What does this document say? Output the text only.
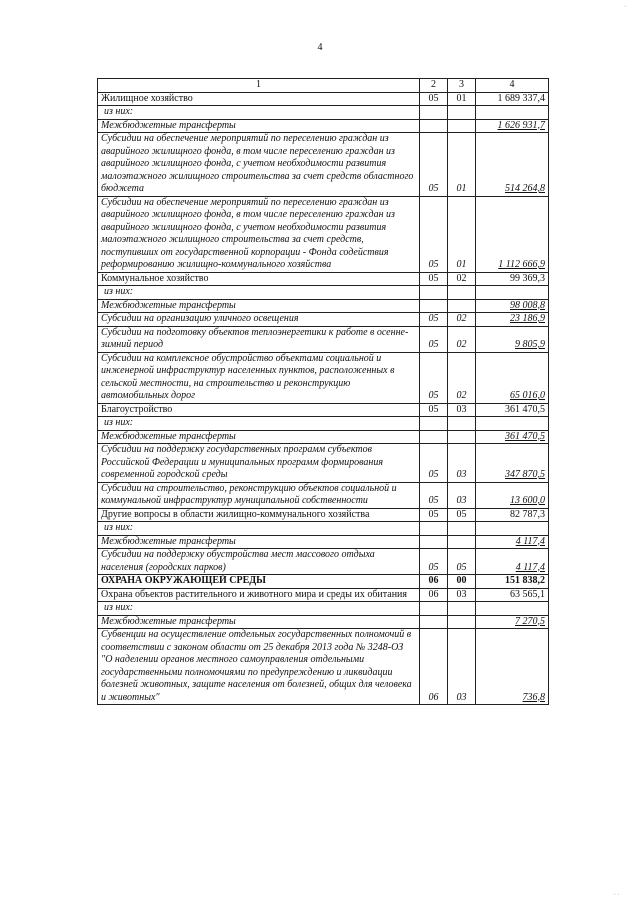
4
·
· ·
1	2	3	4
Жилищное хозяйство	05	01	1 689 337,4
из них:			
Межбюджетные трансферты			1 626 931,7
Субсидии на обеспечение мероприятий по переселению граждан из аварийного жилищного фонда, в том числе переселению граждан из аварийного жилищного фонда, с учетом необходимости развития малоэтажного жилищного строительства за счет средств областного бюджета	05	01	514 264,8
Субсидии на обеспечение мероприятий по переселению граждан из аварийного жилищного фонда, в том числе переселению граждан из аварийного жилищного фонда, с учетом необходимости развития малоэтажного жилищного строительства за счет средств, поступивших от государственной корпорации - Фонда содействия реформированию жилищно-коммунального хозяйства	05	01	1 112 666,9
Коммунальное хозяйство	05	02	99 369,3
из них:			
Межбюджетные трансферты			98 008,8
Субсидии на организацию уличного освещения	05	02	23 186,9
Субсидии на подготовку объектов теплоэнергетики к работе в осенне-зимний период	05	02	9 805,9
Субсидии на комплексное обустройство объектами социальной и инженерной инфраструктур населенных пунктов, расположенных в сельской местности, на строительство и реконструкцию автомобильных дорог	05	02	65 016,0
Благоустройство	05	03	361 470,5
из них:			
Межбюджетные трансферты			361 470,5
Субсидии на поддержку государственных программ субъектов Российской Федерации и муниципальных программ формирования современной городской среды	05	03	347 870,5
Субсидии на строительство, реконструкцию объектов социальной и коммунальной инфраструктур муниципальной собственности	05	03	13 600,0
Другие вопросы в области жилищно-коммунального хозяйства	05	05	82 787,3
из них:			
Межбюджетные трансферты			4 117,4
Субсидии на поддержку обустройства мест массового отдыха населения (городских парков)	05	05	4 117,4
ОХРАНА ОКРУЖАЮЩЕЙ СРЕДЫ	06	00	151 838,2
Охрана объектов растительного и животного мира и среды их обитания	06	03	63 565,1
из них:			
Межбюджетные трансферты			7 270,5
Субвенции на осуществление отдельных государственных полномочий в соответствии с законом области от 25 декабря 2013 года № 3248-ОЗ "О наделении органов местного самоуправления отдельными государственными полномочиями по предупреждению и ликвидации болезней животных, защите населения от болезней, общих для человека и животных"	06	03	736,8
